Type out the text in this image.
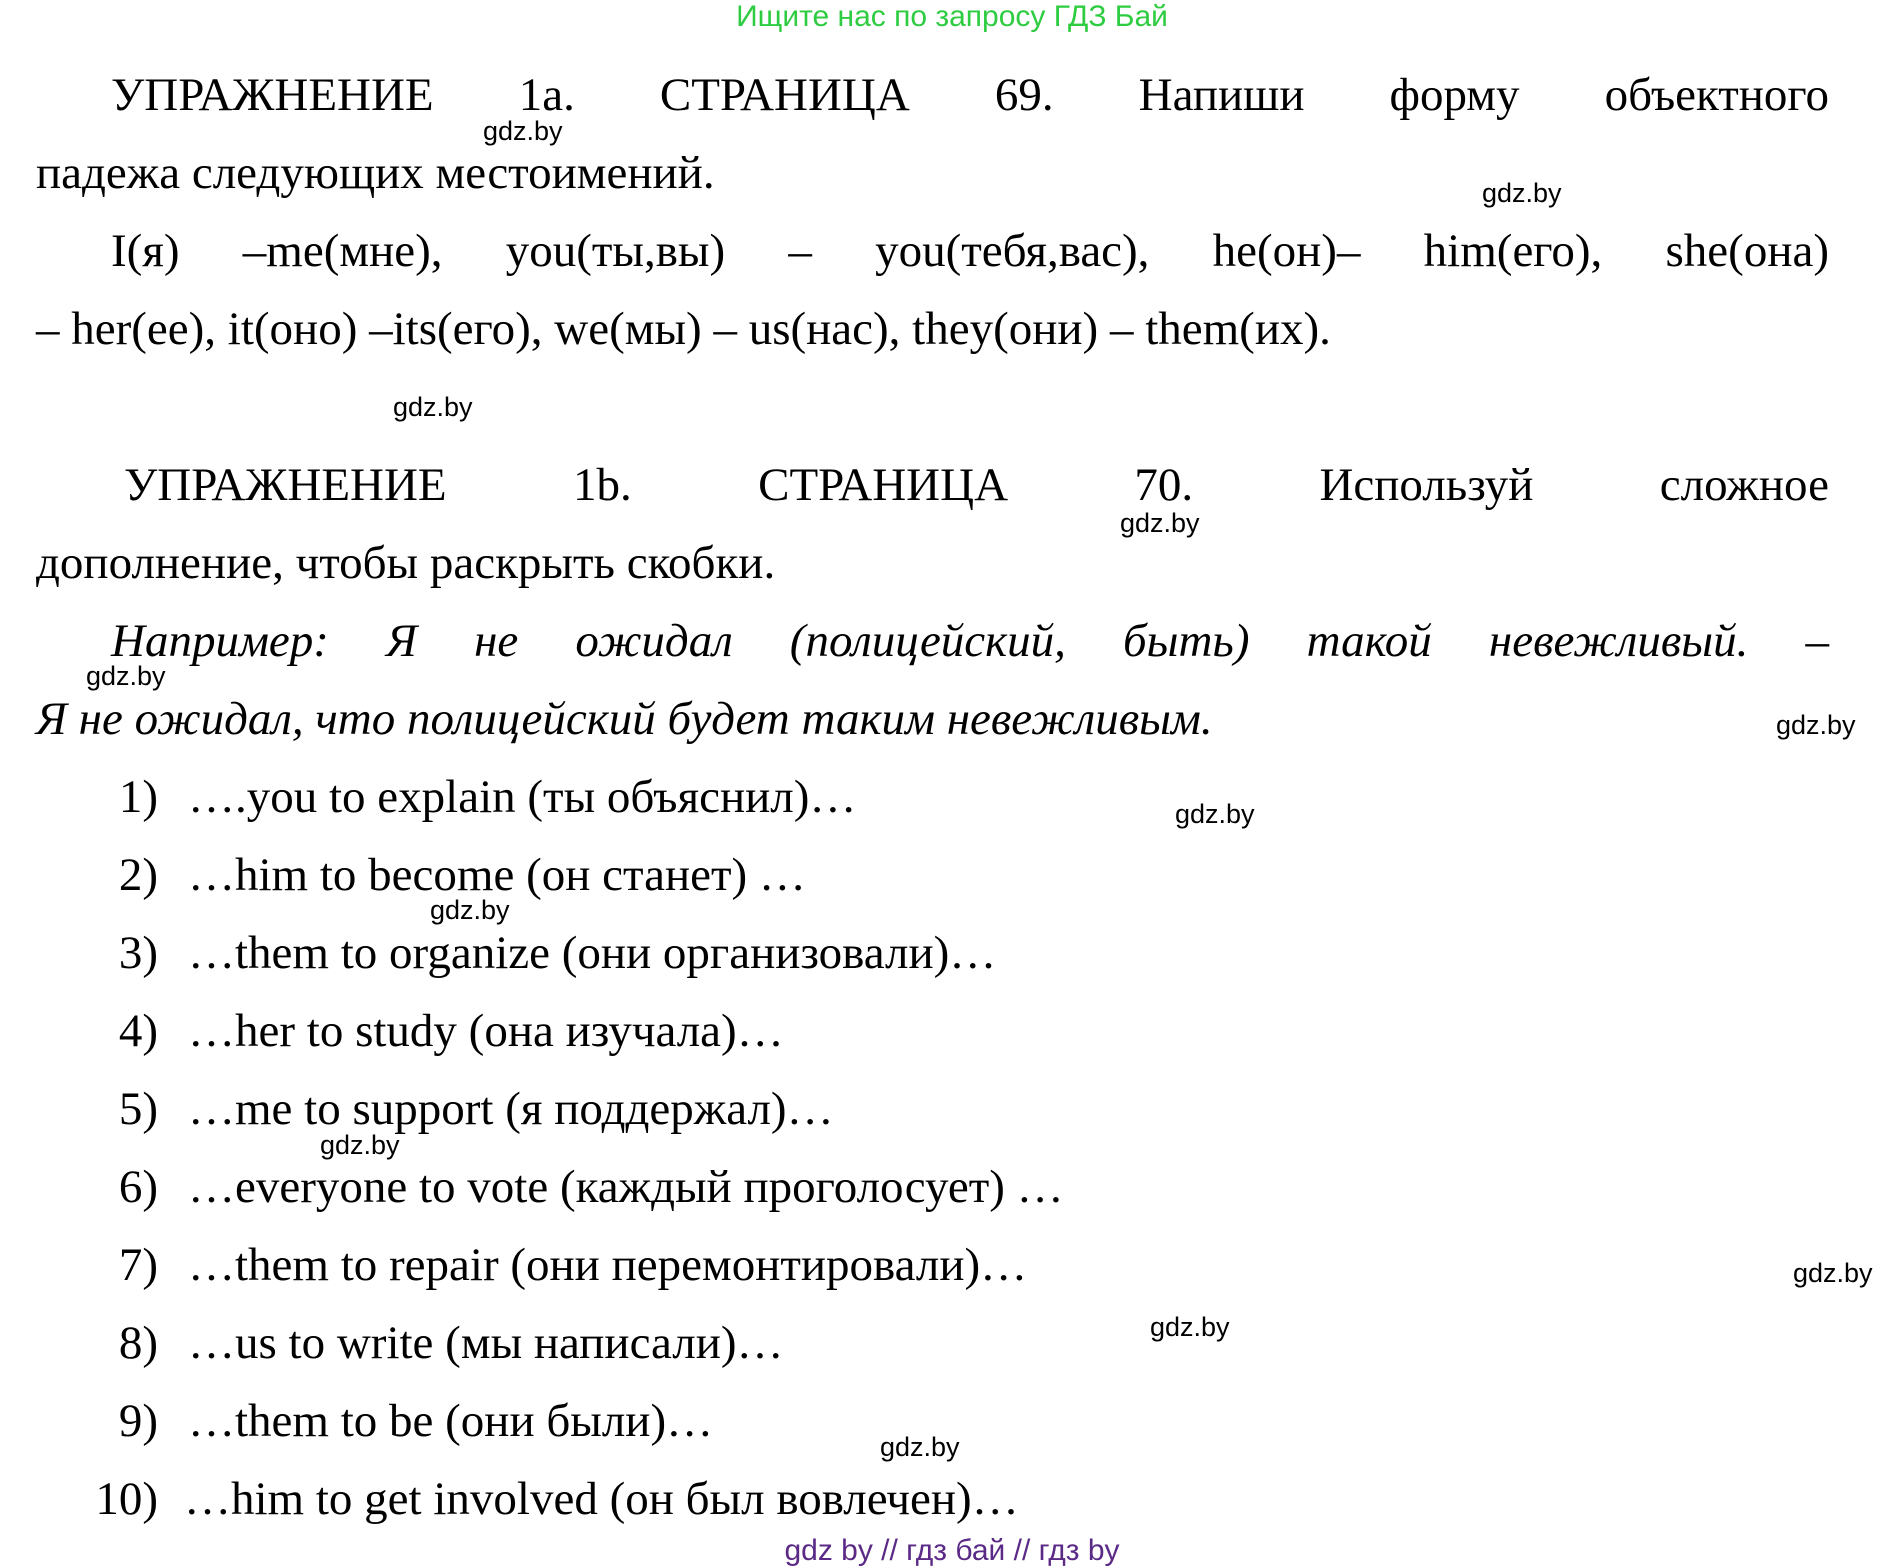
Ищите нас по запросу ГДЗ Бай
УПРАЖНЕНИЕ 1a. СТРАНИЦА 69. Напиши форму объектного
падежа следующих местоимений.
I(я) –me(мне), you(ты,вы) – you(тебя,вас), he(он)– him(его), she(она)
– her(ее), it(оно) –its(его), we(мы) – us(нас), they(они) – them(их).
УПРАЖНЕНИЕ 1b. СТРАНИЦА 70. Используй сложное
дополнение, чтобы раскрыть скобки.
Например: Я не ожидал (полицейский, быть) такой невежливый. –
Я не ожидал, что полицейский будет таким невежливым.
1) ….you to explain (ты объяснил)…
2) …him to become (он станет) …
3) …them to organize (они организовали)…
4) …her to study (она изучала)…
5) …me to support (я поддержал)…
6) …everyone to vote (каждый проголосует) …
7) …them to repair (они перемонтировали)…
8) …us to write (мы написали)…
9) …them to be (они были)…
10) …him to get involved (он был вовлечен)…
gdz.by
gdz.by
gdz.by
gdz.by
gdz.by
gdz.by
gdz.by
gdz.by
gdz.by
gdz.by
gdz.by
gdz.by
gdz by // гдз бай // гдз by
